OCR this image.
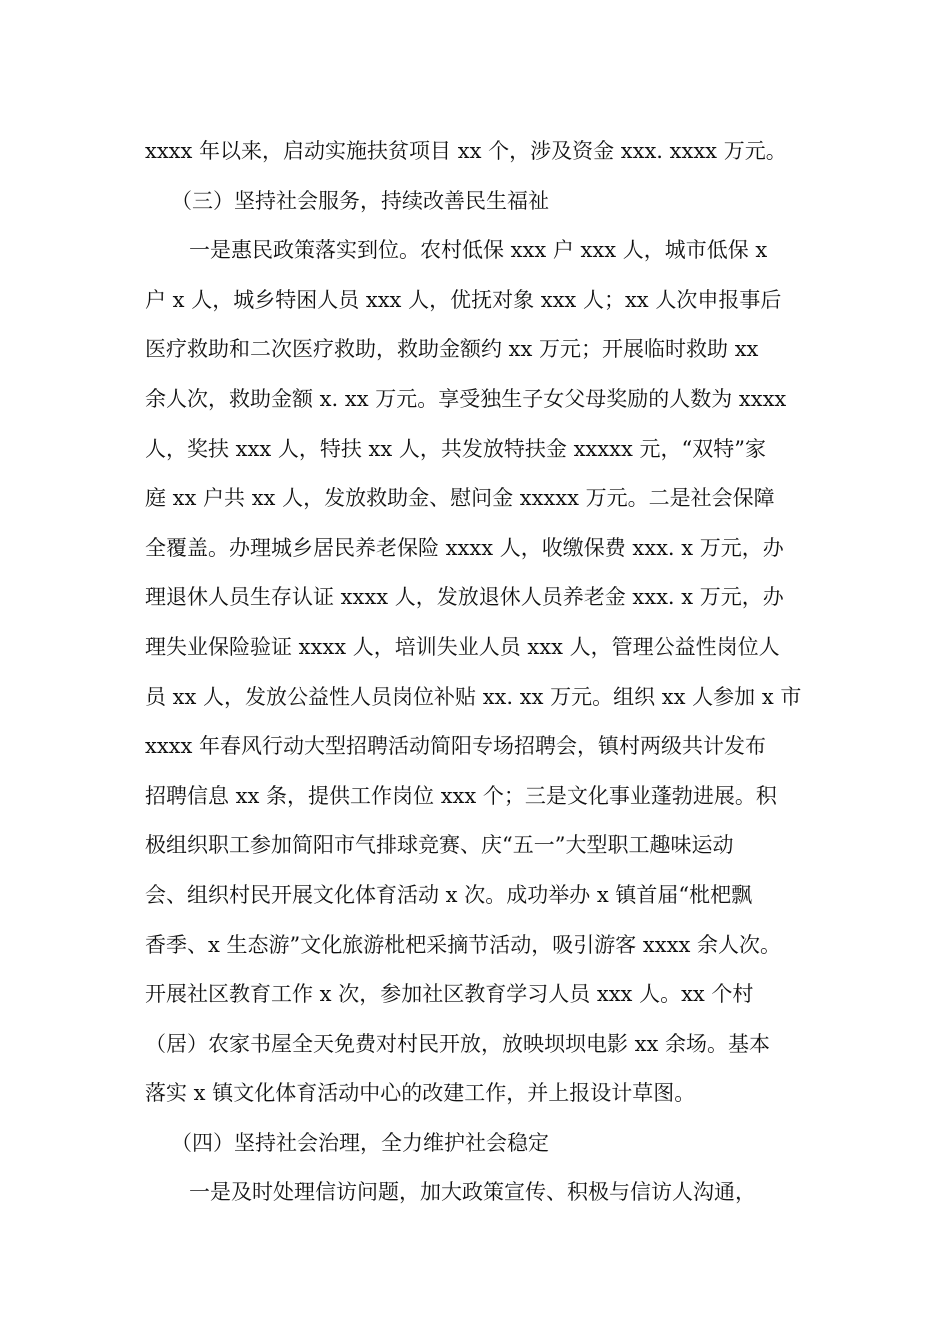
xxxx 年以来，启动实施扶贫项目 xx 个，涉及资金 xxx. xxxx 万元。
（三）坚持社会服务，持续改善民生福祉
一是惠民政策落实到位。农村低保 xxx 户 xxx 人，城市低保 x
户 x 人，城乡特困人员 xxx 人，优抚对象 xxx 人；xx 人次申报事后
医疗救助和二次医疗救助，救助金额约 xx 万元；开展临时救助 xx
余人次，救助金额 x. xx 万元。享受独生子女父母奖励的人数为 xxxx
人，奖扶 xxx 人，特扶 xx 人，共发放特扶金 xxxxx 元，“双特”家
庭 xx 户共 xx 人，发放救助金、慰问金 xxxxx 万元。二是社会保障
全覆盖。办理城乡居民养老保险 xxxx 人，收缴保费 xxx. x 万元，办
理退休人员生存认证 xxxx 人，发放退休人员养老金 xxx. x 万元，办
理失业保险验证 xxxx 人，培训失业人员 xxx 人，管理公益性岗位人
员 xx 人，发放公益性人员岗位补贴 xx. xx 万元。组织 xx 人参加 x 市
xxxx 年春风行动大型招聘活动简阳专场招聘会，镇村两级共计发布
招聘信息 xx 条，提供工作岗位 xxx 个；三是文化事业蓬勃进展。积
极组织职工参加简阳市气排球竞赛、庆“五一”大型职工趣味运动
会、组织村民开展文化体育活动 x 次。成功举办 x 镇首届“枇杷飘
香季、x 生态游”文化旅游枇杷采摘节活动，吸引游客 xxxx 余人次。
开展社区教育工作 x 次，参加社区教育学习人员 xxx 人。xx 个村
（居）农家书屋全天免费对村民开放，放映坝坝电影 xx 余场。基本
落实 x 镇文化体育活动中心的改建工作，并上报设计草图。
（四）坚持社会治理，全力维护社会稳定
一是及时处理信访问题，加大政策宣传、积极与信访人沟通，
